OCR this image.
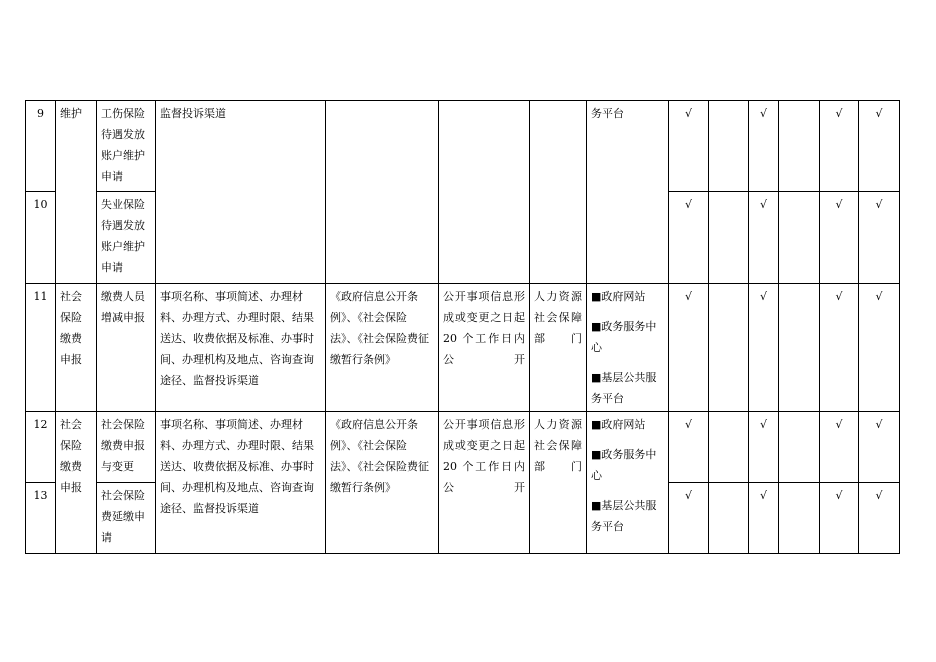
9	维护	工伤保险待遇发放账户维护申请	监督投诉渠道				务平台	√		√		√	√
10		失业保险待遇发放账户维护申请						√		√		√	√
11	社会保险缴费申报	缴费人员增减申报	事项名称、事项简述、办理材料、办理方式、办理时限、结果送达、收费依据及标准、办事时间、办理机构及地点、咨询查询途径、监督投诉渠道	《政府信息公开条例》、《社会保险法》、《社会保险费征缴暂行条例》	公开事项信息形成或变更之日起 20 个工作日内公开	人力资源社会保障部门	■政府网站
■政务服务中心
■基层公共服务平台	√		√		√	√
12	社会保险缴费申报	社会保险缴费申报与变更	事项名称、事项简述、办理材料、办理方式、办理时限、结果送达、收费依据及标准、办事时间、办理机构及地点、咨询查询途径、监督投诉渠道	《政府信息公开条例》、《社会保险法》、《社会保险费征缴暂行条例》	公开事项信息形成或变更之日起 20 个工作日内公开	人力资源社会保障部门	■政府网站
■政务服务中心
■基层公共服务平台	√		√		√	√
13		社会保险费延缴申请						√		√		√	√
